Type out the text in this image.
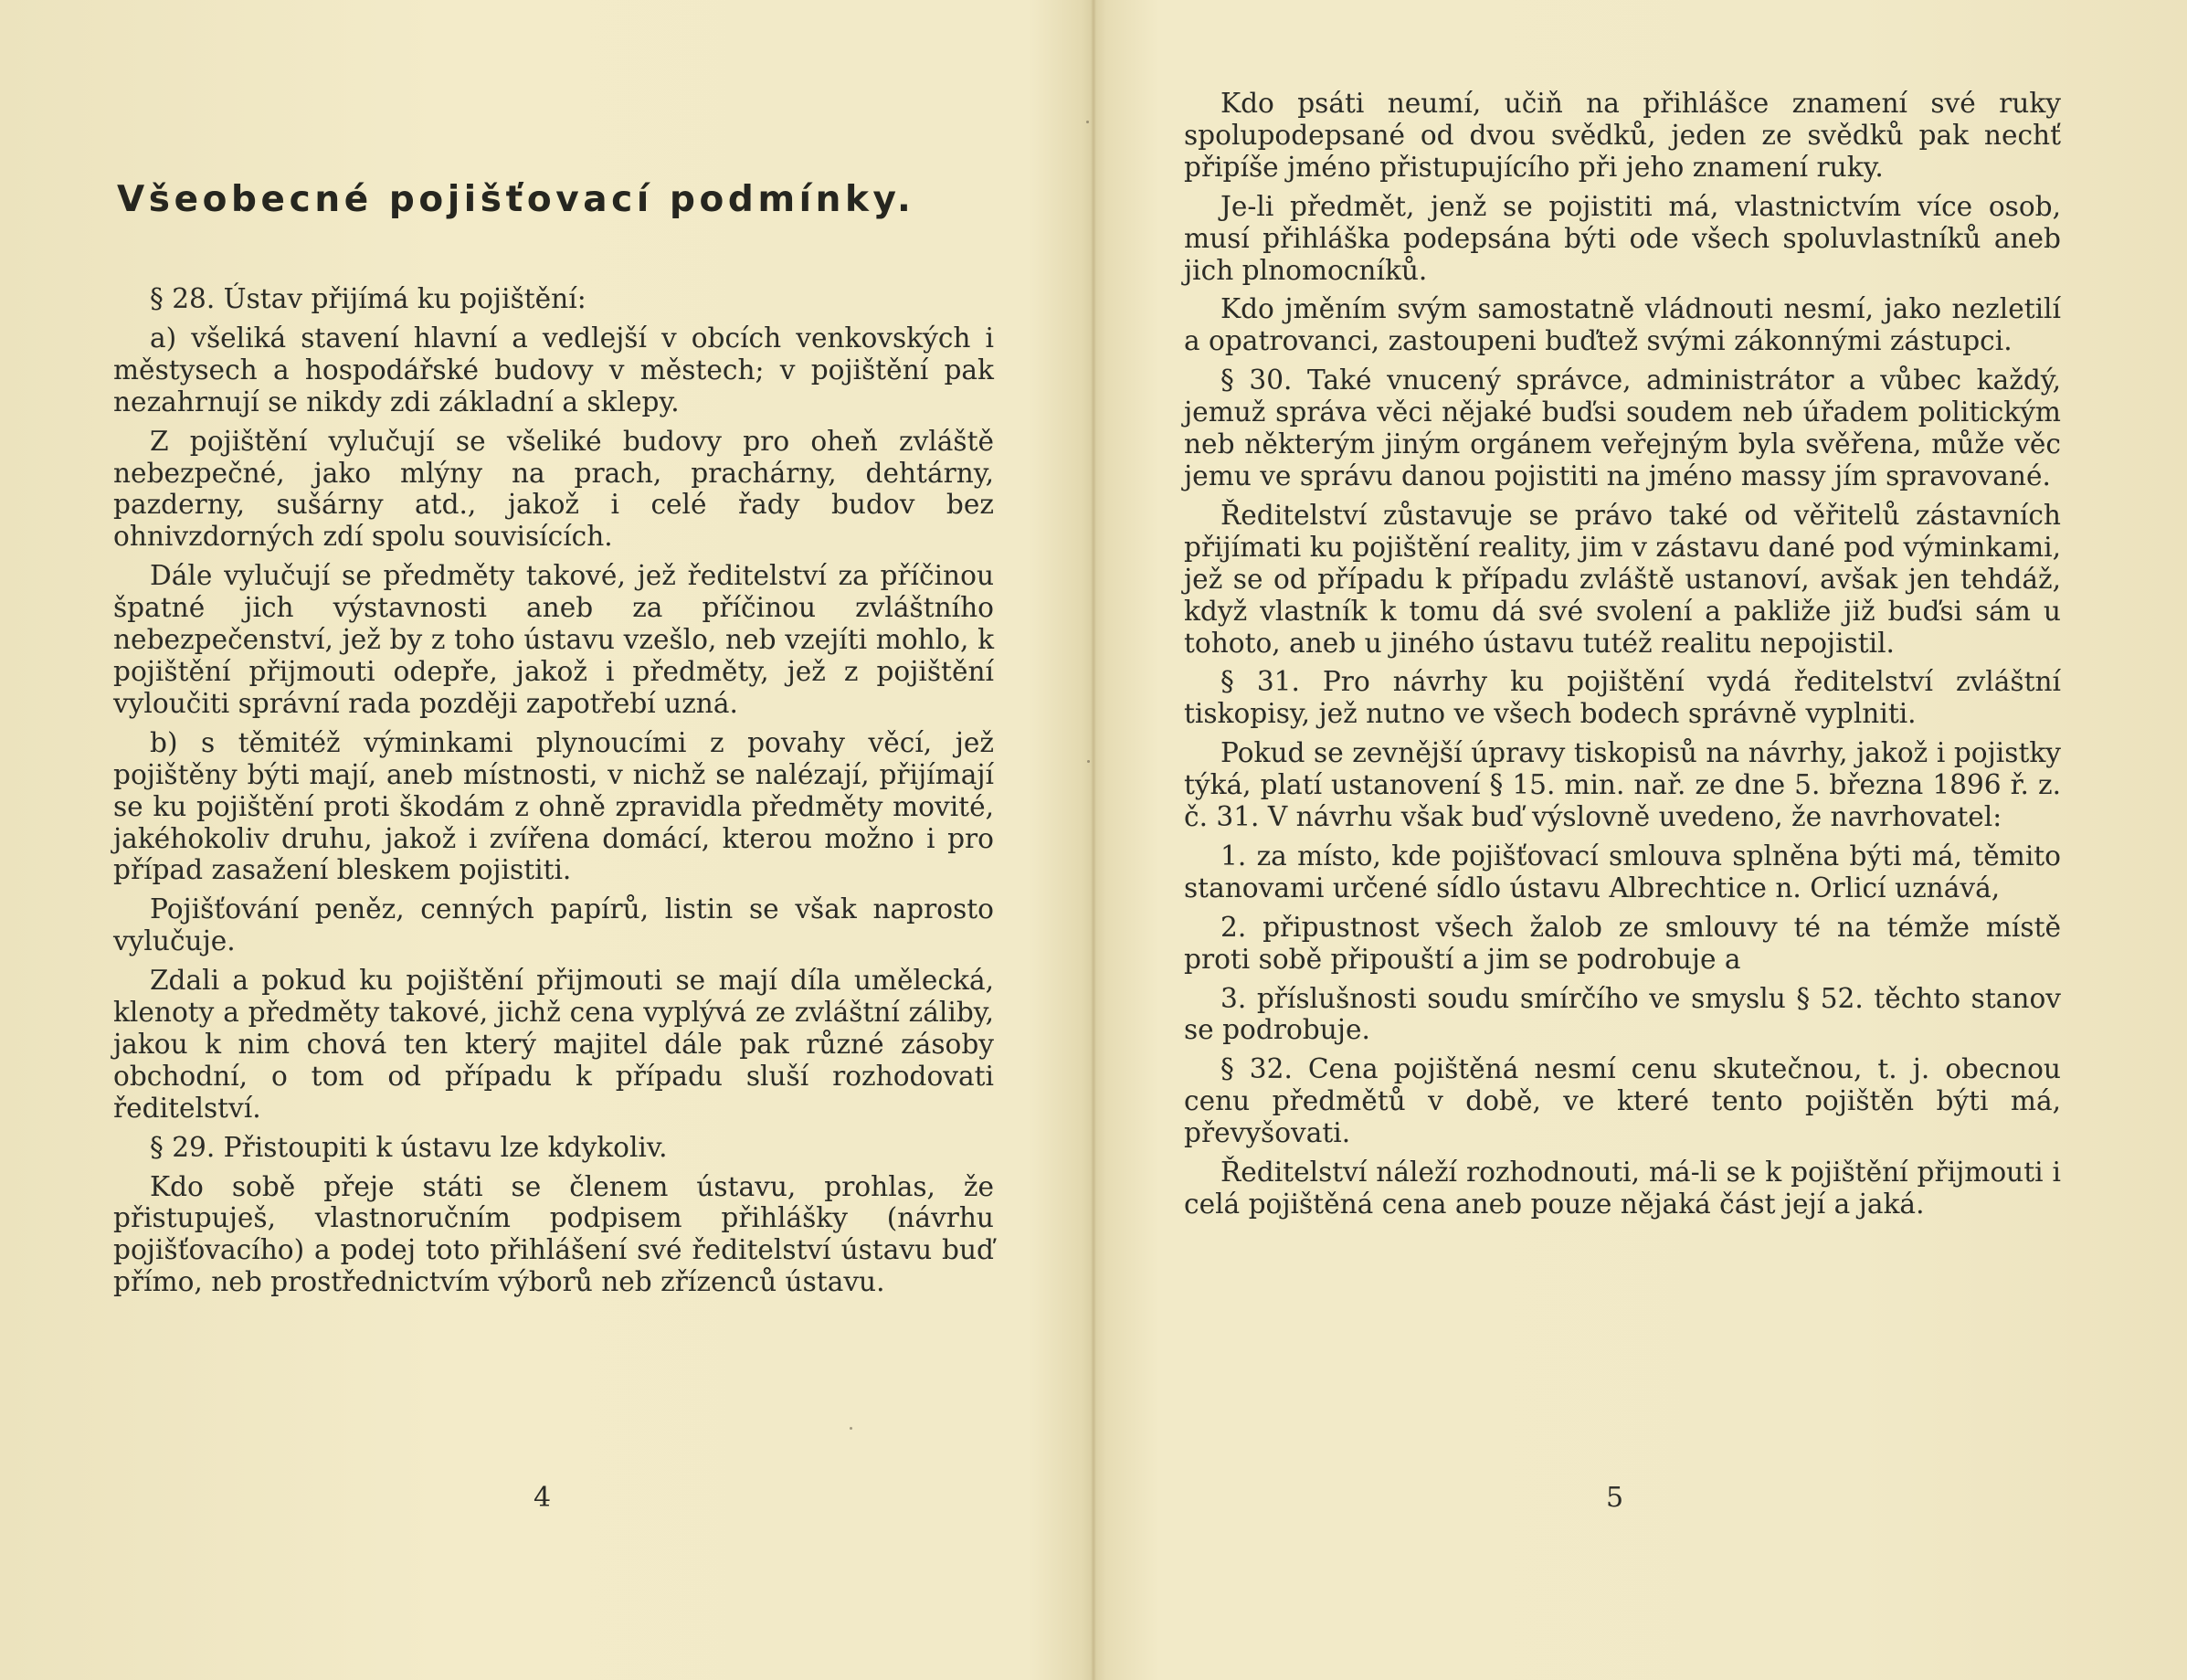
Všeobecné pojišťovací podmínky.

§ 28. Ústav přijímá ku pojištění:

a) všeliká stavení hlavní a vedlejší v obcích venkovských i městysech a hospodářské budovy v městech; v pojištění pak nezahrnují se nikdy zdi základní a sklepy.

Z pojištění vylučují se všeliké budovy pro oheň zvláště nebezpečné, jako mlýny na prach, prachárny, dehtárny, pazderny, sušárny atd., jakož i celé řady budov bez ohnivzdorných zdí spolu souvisících.

Dále vylučují se předměty takové, jež ředitelství za příčinou špatné jich výstavnosti aneb za příčinou zvláštního nebezpečenství, jež by z toho ústavu vzešlo, neb vzejíti mohlo, k pojištění přijmouti odepře, jakož i předměty, jež z pojištění vyloučiti správní rada později zapotřebí uzná.

b) s těmitéž výminkami plynoucími z povahy věcí, jež pojištěny býti mají, aneb místnosti, v nichž se nalézají, přijímají se ku pojištění proti škodám z ohně zpravidla předměty movité, jakéhokoliv druhu, jakož i zvířena domácí, kterou možno i pro případ zasažení bleskem pojistiti.

Pojišťování peněz, cenných papírů, listin se však naprosto vylučuje.

Zdali a pokud ku pojištění přijmouti se mají díla umělecká, klenoty a předměty takové, jichž cena vyplývá ze zvláštní záliby, jakou k nim chová ten který majitel dále pak různé zásoby obchodní, o tom od případu k případu sluší rozhodovati ředitelství.

§ 29. Přistoupiti k ústavu lze kdykoliv.

Kdo sobě přeje státi se členem ústavu, prohlas, že přistupuješ, vlastnoručním podpisem přihlášky (návrhu pojišťovacího) a podej toto přihlášení své ředitelství ústavu buď přímo, neb prostřednictvím výborů neb zřízenců ústavu.

4

Kdo psáti neumí, učiň na přihlášce znamení své ruky spolupodepsané od dvou svědků, jeden ze svědků pak nechť připíše jméno přistupujícího při jeho znamení ruky.

Je-li předmět, jenž se pojistiti má, vlastnictvím více osob, musí přihláška podepsána býti ode všech spoluvlastníků aneb jich plnomocníků.

Kdo jměním svým samostatně vládnouti nesmí, jako nezletilí a opatrovanci, zastoupeni buďtež svými zákonnými zástupci.

§ 30. Také vnucený správce, administrátor a vůbec každý, jemuž správa věci nějaké buďsi soudem neb úřadem politickým neb některým jiným orgánem veřejným byla svěřena, může věc jemu ve správu danou pojistiti na jméno massy jím spravované.

Ředitelství zůstavuje se právo také od věřitelů zástavních přijímati ku pojištění reality, jim v zástavu dané pod výminkami, jež se od případu k případu zvláště ustanoví, avšak jen tehdáž, když vlastník k tomu dá své svolení a pakliže již buďsi sám u tohoto, aneb u jiného ústavu tutéž realitu nepojistil.

§ 31. Pro návrhy ku pojištění vydá ředitelství zvláštní tiskopisy, jež nutno ve všech bodech správně vyplniti.

Pokud se zevnější úpravy tiskopisů na návrhy, jakož i pojistky týká, platí ustanovení § 15. min. nař. ze dne 5. března 1896 ř. z. č. 31. V návrhu však buď výslovně uvedeno, že navrhovatel:

1. za místo, kde pojišťovací smlouva splněna býti má, těmito stanovami určené sídlo ústavu Albrechtice n. Orlicí uznává,

2. připustnost všech žalob ze smlouvy té na témže místě proti sobě připouští a jim se podrobuje a

3. příslušnosti soudu smírčího ve smyslu § 52. těchto stanov se podrobuje.

§ 32. Cena pojištěná nesmí cenu skutečnou, t. j. obecnou cenu předmětů v době, ve které tento pojištěn býti má, převyšovati.

Ředitelství náleží rozhodnouti, má-li se k pojištění přijmouti i celá pojištěná cena aneb pouze nějaká část její a jaká.

5
